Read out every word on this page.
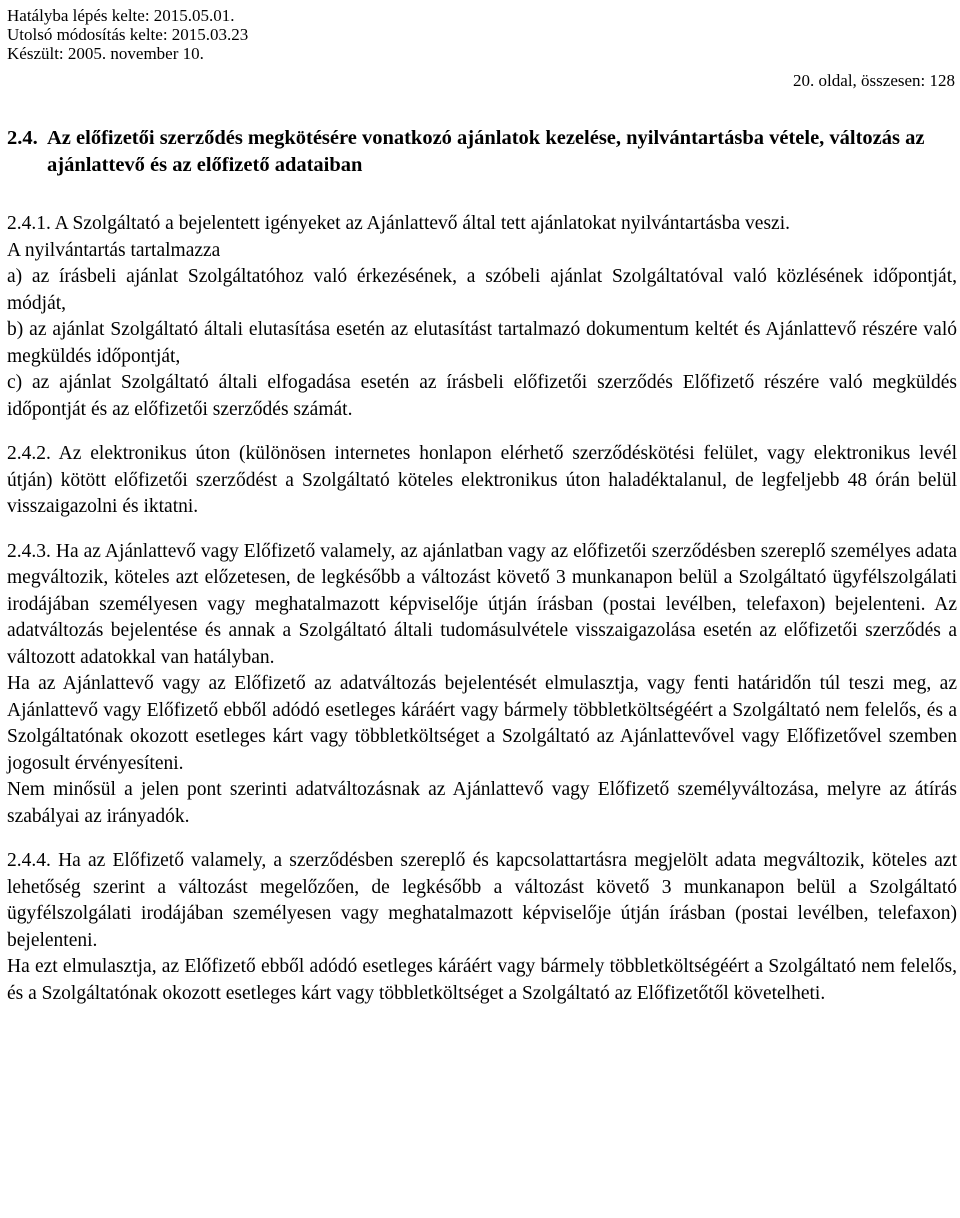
Hatályba lépés kelte: 2015.05.01.
Utolsó módosítás kelte: 2015.03.23
Készült: 2005. november 10.
20. oldal, összesen: 128
2.4. Az előfizetői szerződés megkötésére vonatkozó ajánlatok kezelése, nyilvántartásba vétele, változás az ajánlattevő és az előfizető adataiban

2.4.1. A Szolgáltató a bejelentett igényeket az Ajánlattevő által tett ajánlatokat nyilvántartásba veszi.

A nyilvántartás tartalmazza

a) az írásbeli ajánlat Szolgáltatóhoz való érkezésének, a szóbeli ajánlat Szolgáltatóval való közlésének időpontját, módját,

b) az ajánlat Szolgáltató általi elutasítása esetén az elutasítást tartalmazó dokumentum keltét és Ajánlattevő részére való megküldés időpontját,

c) az ajánlat Szolgáltató általi elfogadása esetén az írásbeli előfizetői szerződés Előfizető részére való megküldés időpontját és az előfizetői szerződés számát.

2.4.2. Az elektronikus úton (különösen internetes honlapon elérhető szerződéskötési felület, vagy elektronikus levél útján) kötött előfizetői szerződést a Szolgáltató köteles elektronikus úton haladéktalanul, de legfeljebb 48 órán belül visszaigazolni és iktatni.

2.4.3. Ha az Ajánlattevő vagy Előfizető valamely, az ajánlatban vagy az előfizetői szerződésben szereplő személyes adata megváltozik, köteles azt előzetesen, de legkésőbb a változást követő 3 munkanapon belül a Szolgáltató ügyfélszolgálati irodájában személyesen vagy meghatalmazott képviselője útján írásban (postai levélben, telefaxon) bejelenteni. Az adatváltozás bejelentése és annak a Szolgáltató általi tudomásulvétele visszaigazolása esetén az előfizetői szerződés a változott adatokkal van hatályban.

Ha az Ajánlattevő vagy az Előfizető az adatváltozás bejelentését elmulasztja, vagy fenti határidőn túl teszi meg, az Ajánlattevő vagy Előfizető ebből adódó esetleges káráért vagy bármely többletköltségéért a Szolgáltató nem felelős, és a Szolgáltatónak okozott esetleges kárt vagy többletköltséget a Szolgáltató az Ajánlattevővel vagy Előfizetővel szemben jogosult érvényesíteni.

Nem minősül a jelen pont szerinti adatváltozásnak az Ajánlattevő vagy Előfizető személyváltozása, melyre az átírás szabályai az irányadók.

2.4.4. Ha az Előfizető valamely, a szerződésben szereplő és kapcsolattartásra megjelölt adata megváltozik, köteles azt lehetőség szerint a változást megelőzően, de legkésőbb a változást követő 3 munkanapon belül a Szolgáltató ügyfélszolgálati irodájában személyesen vagy meghatalmazott képviselője útján írásban (postai levélben, telefaxon) bejelenteni.

Ha ezt elmulasztja, az Előfizető ebből adódó esetleges káráért vagy bármely többletköltségéért a Szolgáltató nem felelős, és a Szolgáltatónak okozott esetleges kárt vagy többletköltséget a Szolgáltató az Előfizetőtől követelheti.
